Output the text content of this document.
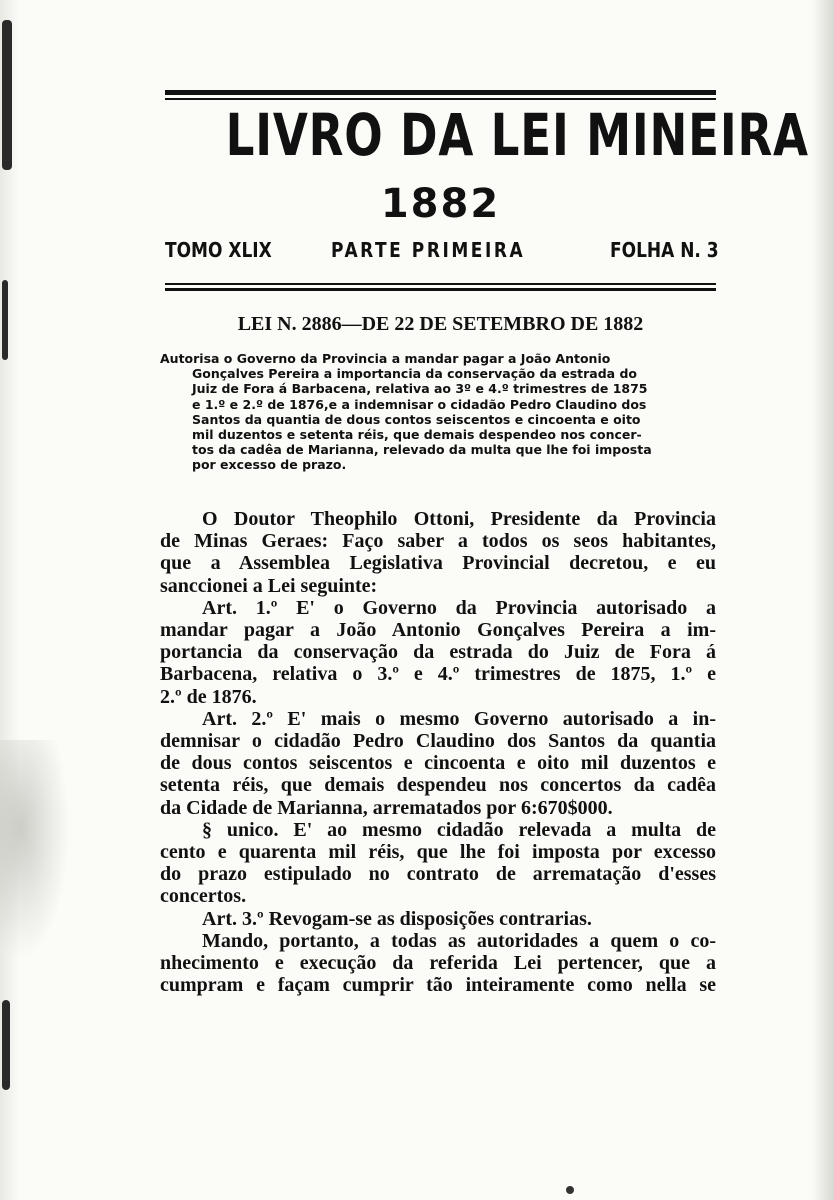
LIVRO DA LEI MINEIRA
1882
TOMO XLIX	PARTE PRIMEIRA	FOLHA N. 3
LEI N. 2886—DE 22 DE SETEMBRO DE 1882
Autorisa o Governo da Provincia a mandar pagar a João Antonio
Gonçalves Pereira a importancia da conservação da estrada do
Juiz de Fora á Barbacena, relativa ao 3º e 4.º trimestres de 1875
e 1.º e 2.º de 1876,e a indemnisar o cidadão Pedro Claudino dos
Santos da quantia de dous contos seiscentos e cincoenta e oito
mil duzentos e setenta réis, que demais despendeo nos concer-
tos da cadêa de Marianna, relevado da multa que lhe foi imposta
por excesso de prazo.
O Doutor Theophilo Ottoni, Presidente da Provincia
de Minas Geraes: Faço saber a todos os seos habitantes,
que a Assemblea Legislativa Provincial decretou, e eu
sanccionei a Lei seguinte:
Art. 1.º E' o Governo da Provincia autorisado a
mandar pagar a João Antonio Gonçalves Pereira a im-
portancia da conservação da estrada do Juiz de Fora á
Barbacena, relativa o 3.º e 4.º trimestres de 1875, 1.º e
2.º de 1876.
Art. 2.º E' mais o mesmo Governo autorisado a in-
demnisar o cidadão Pedro Claudino dos Santos da quantia
de dous contos seiscentos e cincoenta e oito mil duzentos e
setenta réis, que demais despendeu nos concertos da cadêa
da Cidade de Marianna, arrematados por 6:670$000.
§ unico. E' ao mesmo cidadão relevada a multa de
cento e quarenta mil réis, que lhe foi imposta por excesso
do prazo estipulado no contrato de arrematação d'esses
concertos.
Art. 3.º Revogam-se as disposições contrarias.
Mando, portanto, a todas as autoridades a quem o co-
nhecimento e execução da referida Lei pertencer, que a
cumpram e façam cumprir tão inteiramente como nella se
